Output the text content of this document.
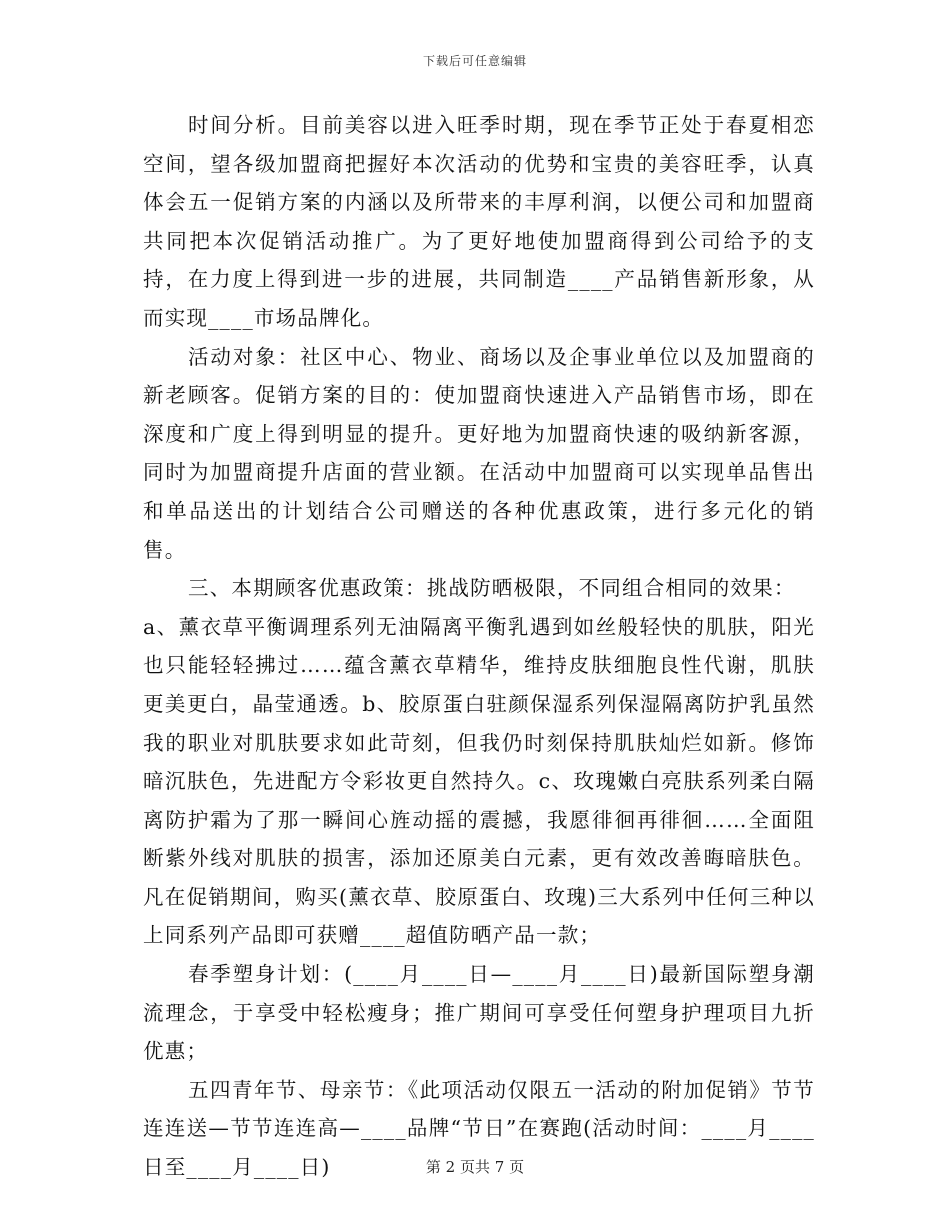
下载后可任意编辑

时间分析。目前美容以进入旺季时期，现在季节正处于春夏相恋空间，望各级加盟商把握好本次活动的优势和宝贵的美容旺季，认真体会五一促销方案的内涵以及所带来的丰厚利润，以便公司和加盟商共同把本次促销活动推广。为了更好地使加盟商得到公司给予的支持，在力度上得到进一步的进展，共同制造____产品销售新形象，从而实现____市场品牌化。

活动对象：社区中心、物业、商场以及企事业单位以及加盟商的新老顾客。促销方案的目的：使加盟商快速进入产品销售市场，即在深度和广度上得到明显的提升。更好地为加盟商快速的吸纳新客源，同时为加盟商提升店面的营业额。在活动中加盟商可以实现单品售出和单品送出的计划结合公司赠送的各种优惠政策，进行多元化的销售。

三、本期顾客优惠政策：挑战防晒极限，不同组合相同的效果：

a、薰衣草平衡调理系列无油隔离平衡乳遇到如丝般轻快的肌肤，阳光也只能轻轻拂过……蕴含薰衣草精华，维持皮肤细胞良性代谢，肌肤更美更白，晶莹通透。b、胶原蛋白驻颜保湿系列保湿隔离防护乳虽然我的职业对肌肤要求如此苛刻，但我仍时刻保持肌肤灿烂如新。修饰暗沉肤色，先进配方令彩妆更自然持久。c、玫瑰嫩白亮肤系列柔白隔离防护霜为了那一瞬间心旌动摇的震撼，我愿徘徊再徘徊……全面阻断紫外线对肌肤的损害，添加还原美白元素，更有效改善晦暗肤色。凡在促销期间，购买(薰衣草、胶原蛋白、玫瑰)三大系列中任何三种以上同系列产品即可获赠____超值防晒产品一款；

春季塑身计划：(____月____日—____月____日)最新国际塑身潮流理念，于享受中轻松瘦身；推广期间可享受任何塑身护理项目九折优惠；

五四青年节、母亲节：《此项活动仅限五一活动的附加促销》节节连连送—节节连连高—____品牌“节日”在赛跑(活动时间：____月____日至____月____日)	第 2 页共 7 页
